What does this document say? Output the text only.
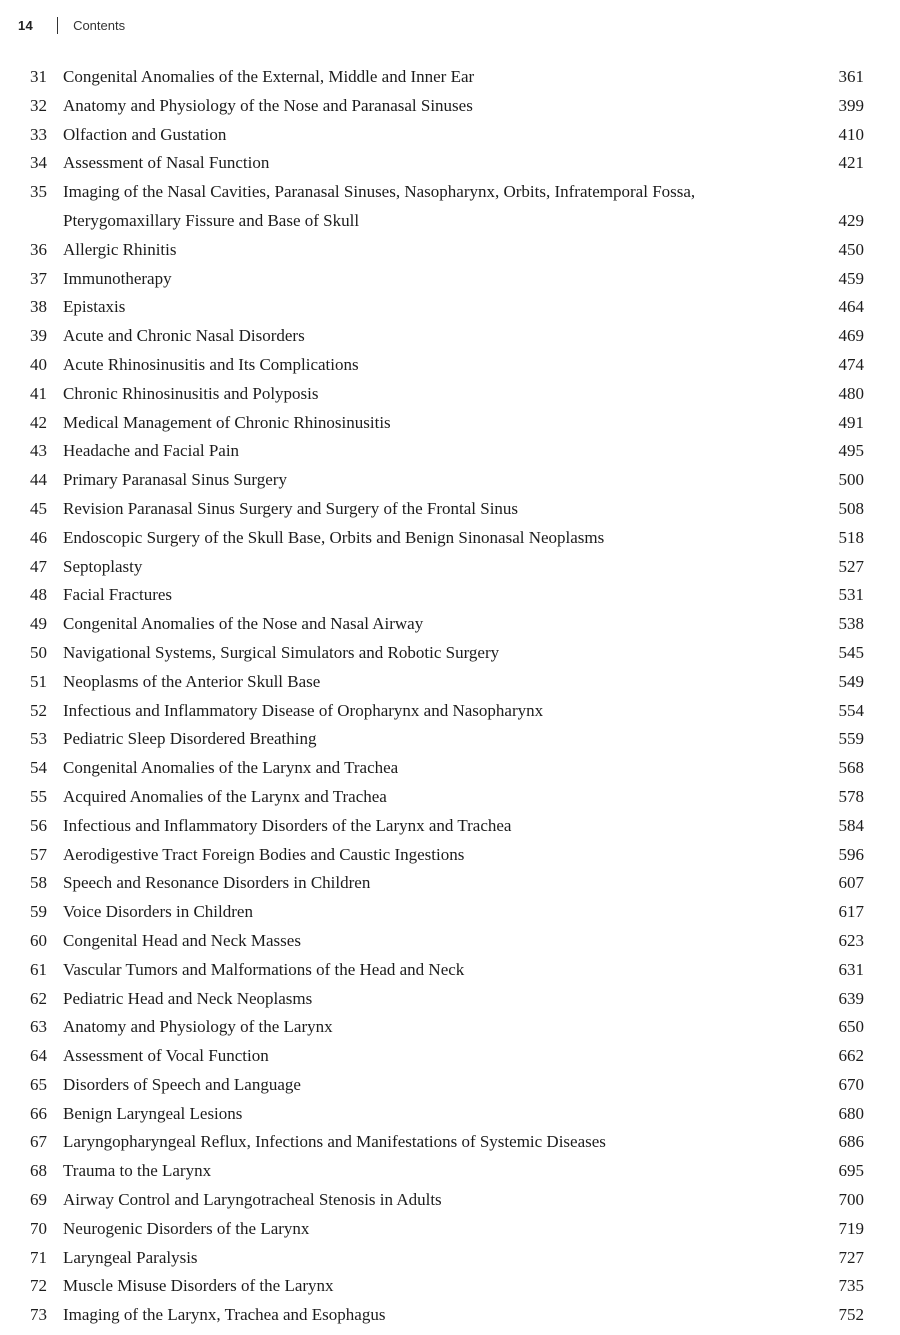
14	Contents
31 Congenital Anomalies of the External, Middle and Inner Ear	361
32 Anatomy and Physiology of the Nose and Paranasal Sinuses	399
33 Olfaction and Gustation	410
34 Assessment of Nasal Function	421
35 Imaging of the Nasal Cavities, Paranasal Sinuses, Nasopharynx, Orbits, Infratemporal Fossa, Pterygomaxillary Fissure and Base of Skull	429
36 Allergic Rhinitis	450
37 Immunotherapy	459
38 Epistaxis	464
39 Acute and Chronic Nasal Disorders	469
40 Acute Rhinosinusitis and Its Complications	474
41 Chronic Rhinosinusitis and Polyposis	480
42 Medical Management of Chronic Rhinosinusitis	491
43 Headache and Facial Pain	495
44 Primary Paranasal Sinus Surgery	500
45 Revision Paranasal Sinus Surgery and Surgery of the Frontal Sinus	508
46 Endoscopic Surgery of the Skull Base, Orbits and Benign Sinonasal Neoplasms	518
47 Septoplasty	527
48 Facial Fractures	531
49 Congenital Anomalies of the Nose and Nasal Airway	538
50 Navigational Systems, Surgical Simulators and Robotic Surgery	545
51 Neoplasms of the Anterior Skull Base	549
52 Infectious and Inflammatory Disease of Oropharynx and Nasopharynx	554
53 Pediatric Sleep Disordered Breathing	559
54 Congenital Anomalies of the Larynx and Trachea	568
55 Acquired Anomalies of the Larynx and Trachea	578
56 Infectious and Inflammatory Disorders of the Larynx and Trachea	584
57 Aerodigestive Tract Foreign Bodies and Caustic Ingestions	596
58 Speech and Resonance Disorders in Children	607
59 Voice Disorders in Children	617
60 Congenital Head and Neck Masses	623
61 Vascular Tumors and Malformations of the Head and Neck	631
62 Pediatric Head and Neck Neoplasms	639
63 Anatomy and Physiology of the Larynx	650
64 Assessment of Vocal Function	662
65 Disorders of Speech and Language	670
66 Benign Laryngeal Lesions	680
67 Laryngopharyngeal Reflux, Infections and Manifestations of Systemic Diseases	686
68 Trauma to the Larynx	695
69 Airway Control and Laryngotracheal Stenosis in Adults	700
70 Neurogenic Disorders of the Larynx	719
71 Laryngeal Paralysis	727
72 Muscle Misuse Disorders of the Larynx	735
73 Imaging of the Larynx, Trachea and Esophagus	752
